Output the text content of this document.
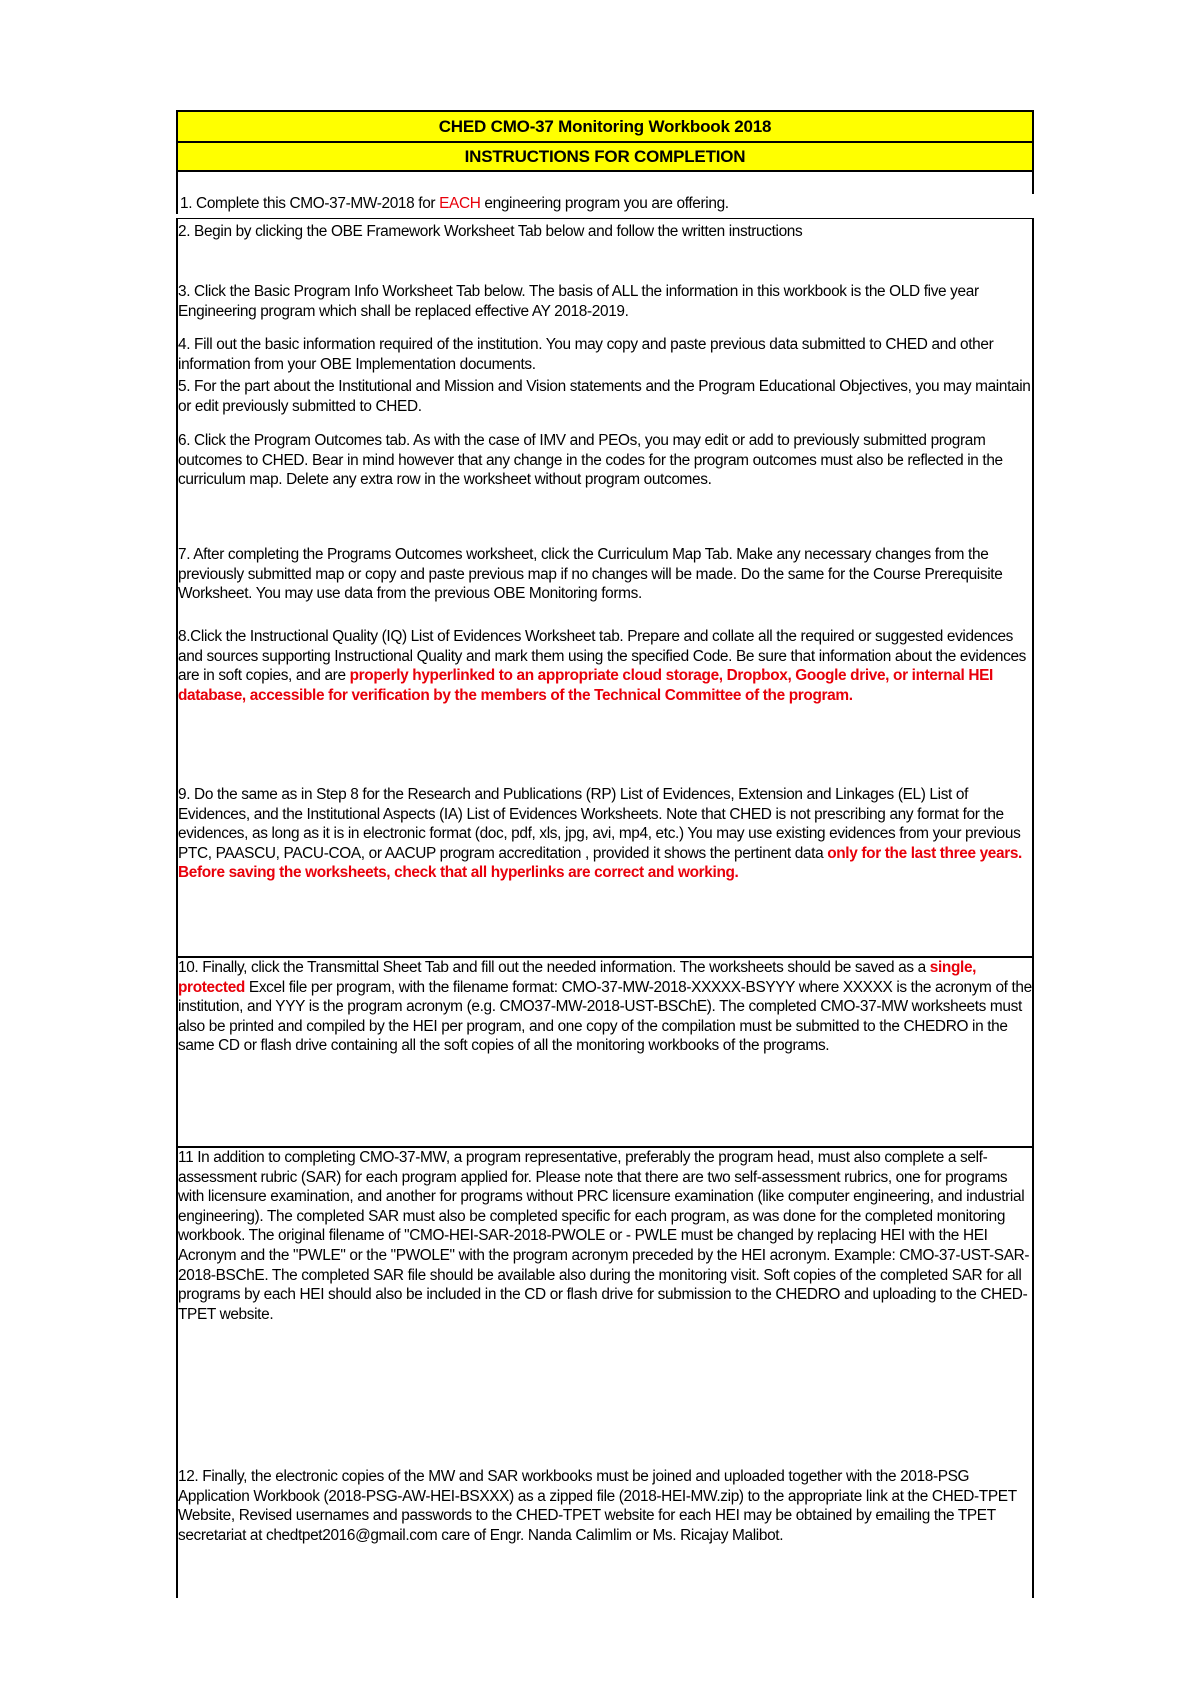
CHED CMO-37 Monitoring Workbook 2018
INSTRUCTIONS FOR COMPLETION
1. Complete this CMO-37-MW-2018 for EACH engineering program you are offering.
2. Begin by clicking the OBE Framework Worksheet Tab below and follow the written instructions
3. Click the Basic Program Info Worksheet Tab below. The basis of ALL the information in this workbook is the OLD five year Engineering program which shall be replaced effective AY 2018-2019.
4. Fill out the basic information required of the institution. You may copy and paste previous data submitted to CHED and other information from your OBE Implementation documents.
5. For the part about the Institutional and Mission and Vision statements and the Program Educational Objectives, you may maintain or edit previously submitted to CHED.
6. Click the Program Outcomes tab. As with the case of IMV and PEOs, you may edit or add to previously submitted program outcomes to CHED. Bear in mind however that any change in the codes for the program outcomes must also be reflected in the curriculum map. Delete any extra row in the worksheet without program outcomes.
7. After completing the Programs Outcomes worksheet, click the Curriculum Map Tab. Make any necessary changes from the previously submitted map or copy and paste previous map if no changes will be made. Do the same for the Course Prerequisite Worksheet. You may use data from the previous OBE Monitoring forms.
8.Click the Instructional Quality (IQ) List of Evidences Worksheet tab. Prepare and collate all the required or suggested evidences and sources supporting Instructional Quality and mark them using the specified Code. Be sure that information about the evidences are in soft copies, and are properly hyperlinked to an appropriate cloud storage, Dropbox, Google drive, or internal HEI database, accessible for verification by the members of the Technical Committee of the program.
9. Do the same as in Step 8 for the Research and Publications (RP) List of Evidences, Extension and Linkages (EL) List of Evidences, and the Institutional Aspects (IA) List of Evidences Worksheets. Note that CHED is not prescribing any format for the evidences, as long as it is in electronic format (doc, pdf, xls, jpg, avi, mp4, etc.) You may use existing evidences from your previous PTC, PAASCU, PACU-COA, or AACUP program accreditation , provided it shows the pertinent data only for the last three years. Before saving the worksheets, check that all hyperlinks are correct and working.
10. Finally, click the Transmittal Sheet Tab and fill out the needed information. The worksheets should be saved as a single, protected Excel file per program, with the filename format: CMO-37-MW-2018-XXXXX-BSYYY where XXXXX is the acronym of the institution, and YYY is the program acronym (e.g. CMO37-MW-2018-UST-BSChE). The completed CMO-37-MW worksheets must also be printed and compiled by the HEI per program, and one copy of the compilation must be submitted to the CHEDRO in the same CD or flash drive containing all the soft copies of all the monitoring workbooks of the programs.
11 In addition to completing CMO-37-MW, a program representative, preferably the program head, must also complete a self-assessment rubric (SAR) for each program applied for. Please note that there are two self-assessment rubrics, one for programs with licensure examination, and another for programs without PRC licensure examination (like computer engineering, and industrial engineering). The completed SAR must also be completed specific for each program, as was done for the completed monitoring workbook. The original filename of "CMO-HEI-SAR-2018-PWOLE or - PWLE must be changed by replacing HEI with the HEI Acronym and the "PWLE" or the "PWOLE" with the program acronym preceded by the HEI acronym. Example: CMO-37-UST-SAR-2018-BSChE. The completed SAR file should be available also during the monitoring visit. Soft copies of the completed SAR for all programs by each HEI should also be included in the CD or flash drive for submission to the CHEDRO and uploading to the CHED-TPET website.
12. Finally, the electronic copies of the MW and SAR workbooks must be joined and uploaded together with the 2018-PSG Application Workbook (2018-PSG-AW-HEI-BSXXX) as a zipped file (2018-HEI-MW.zip) to the appropriate link at the CHED-TPET Website, Revised usernames and passwords to the CHED-TPET website for each HEI may be obtained by emailing the TPET secretariat at chedtpet2016@gmail.com care of Engr. Nanda Calimlim or Ms. Ricajay Malibot.
